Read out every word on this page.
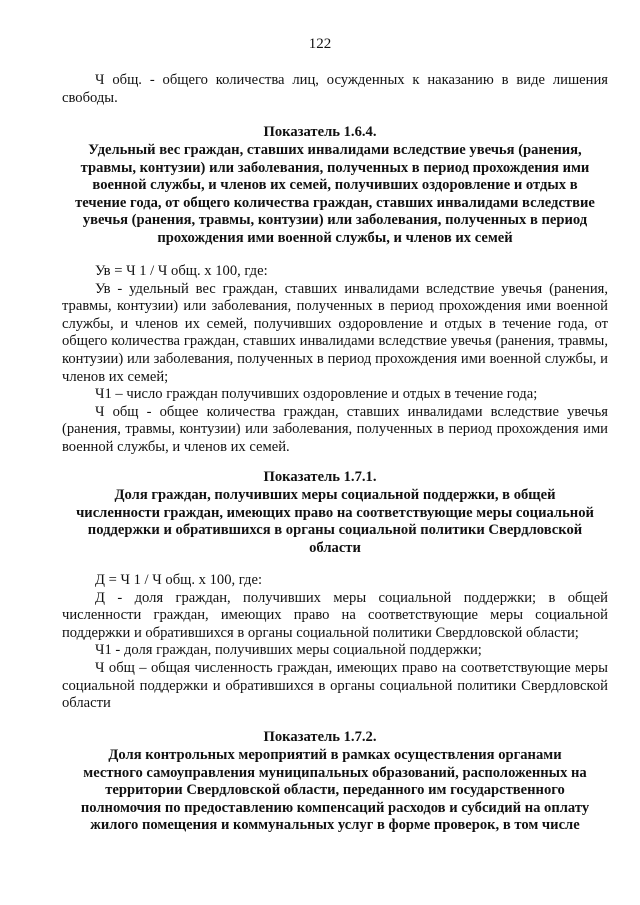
122

Ч общ. - общего количества лиц, осужденных к наказанию в виде лишения свободы.

Показатель 1.6.4.

Удельный вес граждан, ставших инвалидами вследствие увечья (ранения,

травмы, контузии) или заболевания, полученных в период прохождения ими

военной службы, и членов их семей, получивших оздоровление и отдых в

течение года, от общего количества граждан, ставших инвалидами вследствие

увечья (ранения, травмы, контузии) или заболевания, полученных в период

прохождения ими военной службы, и членов их семей

Ув = Ч 1 / Ч общ. х 100, где:

Ув - удельный вес граждан, ставших инвалидами вследствие увечья (ранения, травмы, контузии) или заболевания, полученных в период прохождения ими военной службы, и членов их семей, получивших оздоровление и отдых в течение года, от общего количества граждан, ставших инвалидами вследствие увечья (ранения, травмы, контузии) или заболевания, полученных в период прохождения ими военной службы, и членов их семей;

Ч1 – число граждан получивших оздоровление и отдых в течение года;

Ч общ - общее количества граждан, ставших инвалидами вследствие увечья (ранения, травмы, контузии) или заболевания, полученных в период прохождения ими военной службы, и членов их семей.

Показатель 1.7.1.

Доля граждан, получивших меры социальной поддержки, в общей

численности граждан, имеющих право на соответствующие меры социальной

поддержки и обратившихся в органы социальной политики Свердловской

области

Д = Ч 1 / Ч общ. х 100, где:

Д - доля граждан, получивших меры социальной поддержки; в общей численности граждан, имеющих право на соответствующие меры социальной поддержки и обратившихся в органы социальной политики Свердловской области;

Ч1 - доля граждан, получивших меры социальной поддержки;

Ч общ – общая численность граждан, имеющих право на соответствующие меры социальной поддержки и обратившихся в органы социальной политики Свердловской области

Показатель 1.7.2.

Доля контрольных мероприятий в рамках осуществления органами

местного самоуправления муниципальных образований, расположенных на

территории Свердловской области, переданного им государственного

полномочия по предоставлению компенсаций расходов и субсидий на оплату

жилого помещения и коммунальных услуг в форме проверок, в том числе
